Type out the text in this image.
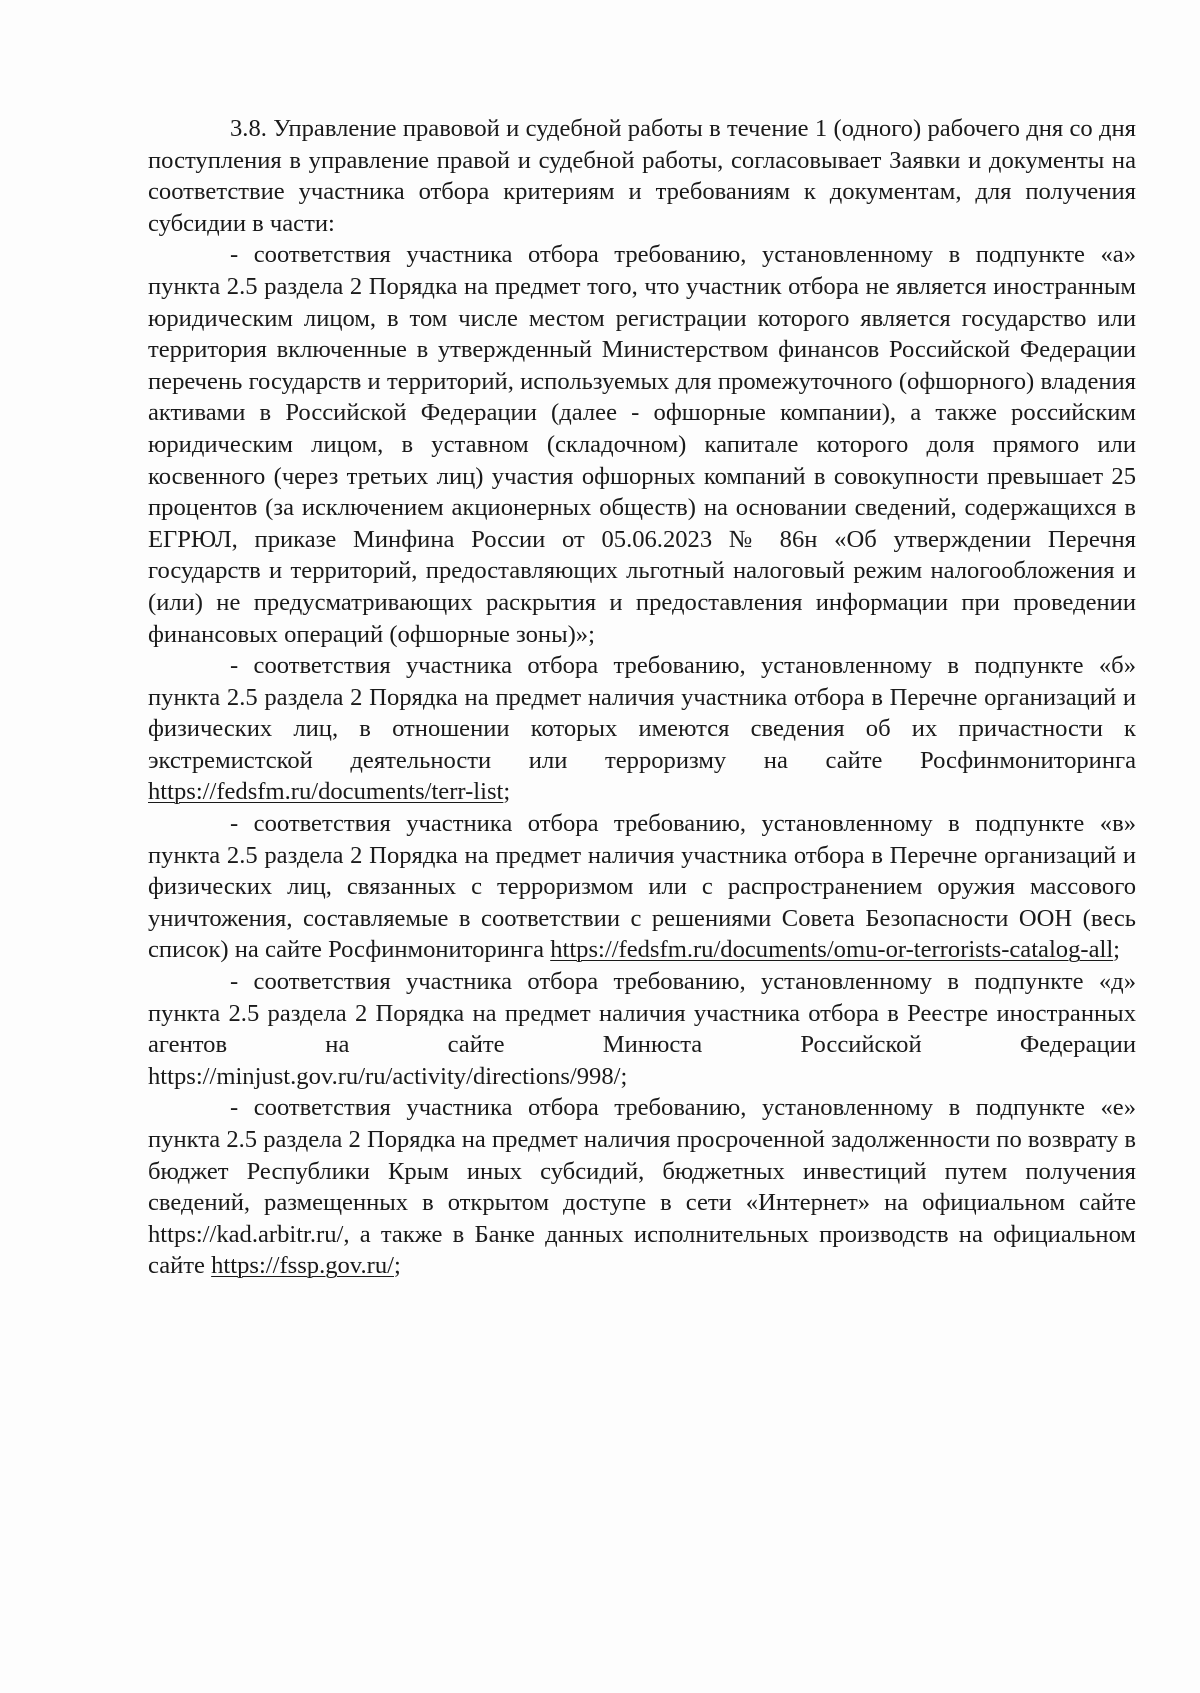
3.8. Управление правовой и судебной работы в течение 1 (одного) рабочего дня со дня поступления в управление правой и судебной работы, согласовывает Заявки и документы на соответствие участника отбора критериям и требованиям к документам, для получения субсидии в части:

- соответствия участника отбора требованию, установленному в подпункте «а» пункта 2.5 раздела 2 Порядка на предмет того, что участник отбора не является иностранным юридическим лицом, в том числе местом регистрации которого является государство или территория включенные в утвержденный Министерством финансов Российской Федерации перечень государств и территорий, используемых для промежуточного (офшорного) владения активами в Российской Федерации (далее - офшорные компании), а также российским юридическим лицом, в уставном (складочном) капитале которого доля прямого или косвенного (через третьих лиц) участия офшорных компаний в совокупности превышает 25 процентов (за исключением акционерных обществ) на основании сведений, содержащихся в ЕГРЮЛ, приказе Минфина России от 05.06.2023 № 86н «Об утверждении Перечня государств и территорий, предоставляющих льготный налоговый режим налогообложения и (или) не предусматривающих раскрытия и предоставления информации при проведении финансовых операций (офшорные зоны)»;

- соответствия участника отбора требованию, установленному в подпункте «б» пункта 2.5 раздела 2 Порядка на предмет наличия участника отбора в Перечне организаций и физических лиц, в отношении которых имеются сведения об их причастности к экстремистской деятельности или терроризму на сайте Росфинмониторинга https://fedsfm.ru/documents/terr-list;

- соответствия участника отбора требованию, установленному в подпункте «в» пункта 2.5 раздела 2 Порядка на предмет наличия участника отбора в Перечне организаций и физических лиц, связанных с терроризмом или с распространением оружия массового уничтожения, составляемые в соответствии с решениями Совета Безопасности ООН (весь список) на сайте Росфинмониторинга https://fedsfm.ru/documents/omu-or-terrorists-catalog-all;

- соответствия участника отбора требованию, установленному в подпункте «д» пункта 2.5 раздела 2 Порядка на предмет наличия участника отбора в Реестре иностранных агентов на сайте Минюста Российской Федерации https://minjust.gov.ru/ru/activity/directions/998/;

- соответствия участника отбора требованию, установленному в подпункте «е» пункта 2.5 раздела 2 Порядка на предмет наличия просроченной задолженности по возврату в бюджет Республики Крым иных субсидий, бюджетных инвестиций путем получения сведений, размещенных в открытом доступе в сети «Интернет» на официальном сайте https://kad.arbitr.ru/, а также в Банке данных исполнительных производств на официальном сайте https://fssp.gov.ru/;
